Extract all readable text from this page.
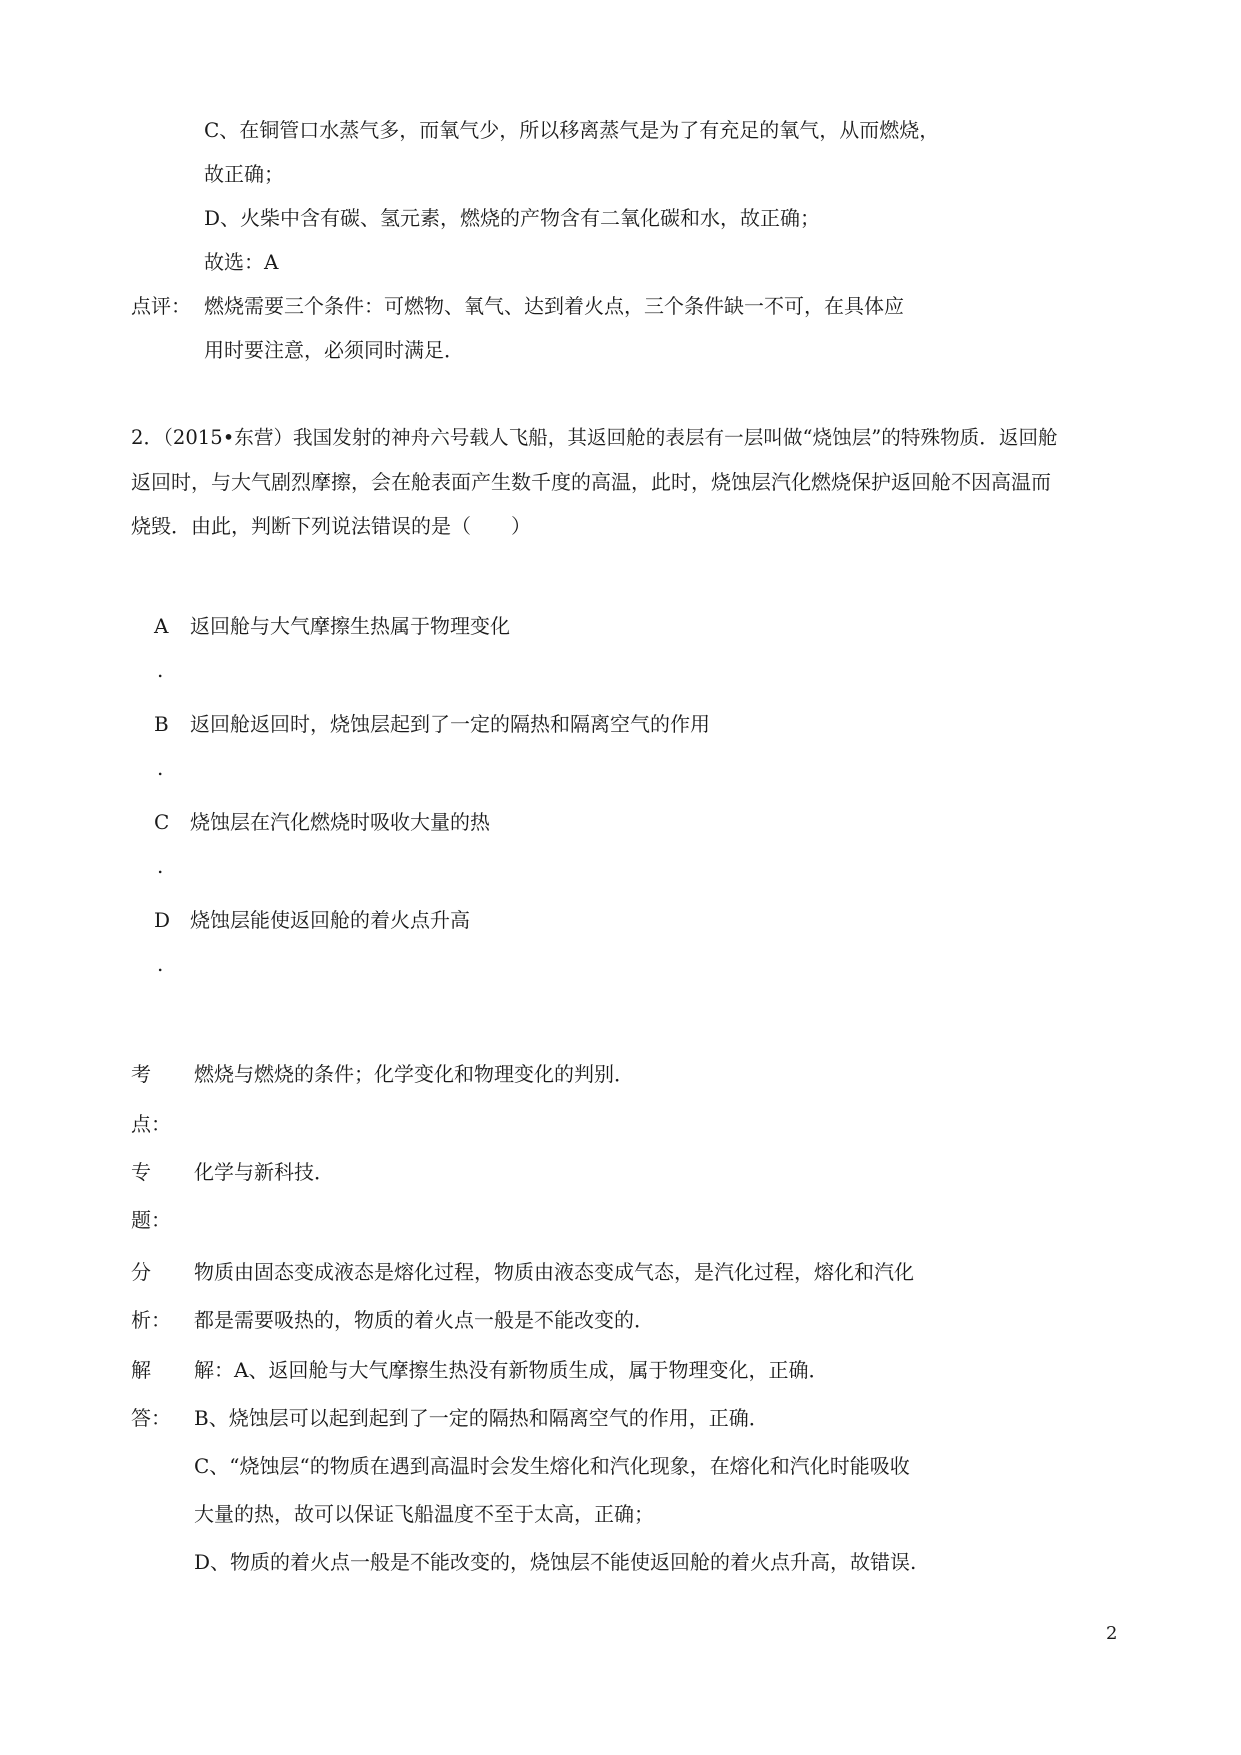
C、在铜管口水蒸气多，而氧气少，所以移离蒸气是为了有充足的氧气，从而燃烧，
故正确；
D、火柴中含有碳、氢元素，燃烧的产物含有二氧化碳和水，故正确；
故选：A
点评： 燃烧需要三个条件：可燃物、氧气、达到着火点，三个条件缺一不可，在具体应
用时要注意，必须同时满足．
2．（2015•东营）我国发射的神舟六号载人飞船，其返回舱的表层有一层叫做“烧蚀层”的特殊物质．返回舱
返回时，与大气剧烈摩擦，会在舱表面产生数千度的高温，此时，烧蚀层汽化燃烧保护返回舱不因高温而
烧毁．由此，判断下列说法错误的是（　　）
A 返回舱与大气摩擦生热属于物理变化
.
B 返回舱返回时，烧蚀层起到了一定的隔热和隔离空气的作用
.
C 烧蚀层在汽化燃烧时吸收大量的热
.
D 烧蚀层能使返回舱的着火点升高
.
考 燃烧与燃烧的条件；化学变化和物理变化的判别．
点：
专 化学与新科技．
题：
分 物质由固态变成液态是熔化过程，物质由液态变成气态，是汽化过程，熔化和汽化
析： 都是需要吸热的，物质的着火点一般是不能改变的．
解 解：A、返回舱与大气摩擦生热没有新物质生成，属于物理变化，正确．
答： B、烧蚀层可以起到起到了一定的隔热和隔离空气的作用，正确．
C、“烧蚀层“的物质在遇到高温时会发生熔化和汽化现象，在熔化和汽化时能吸收
大量的热，故可以保证飞船温度不至于太高，正确；
D、物质的着火点一般是不能改变的，烧蚀层不能使返回舱的着火点升高，故错误.
2
